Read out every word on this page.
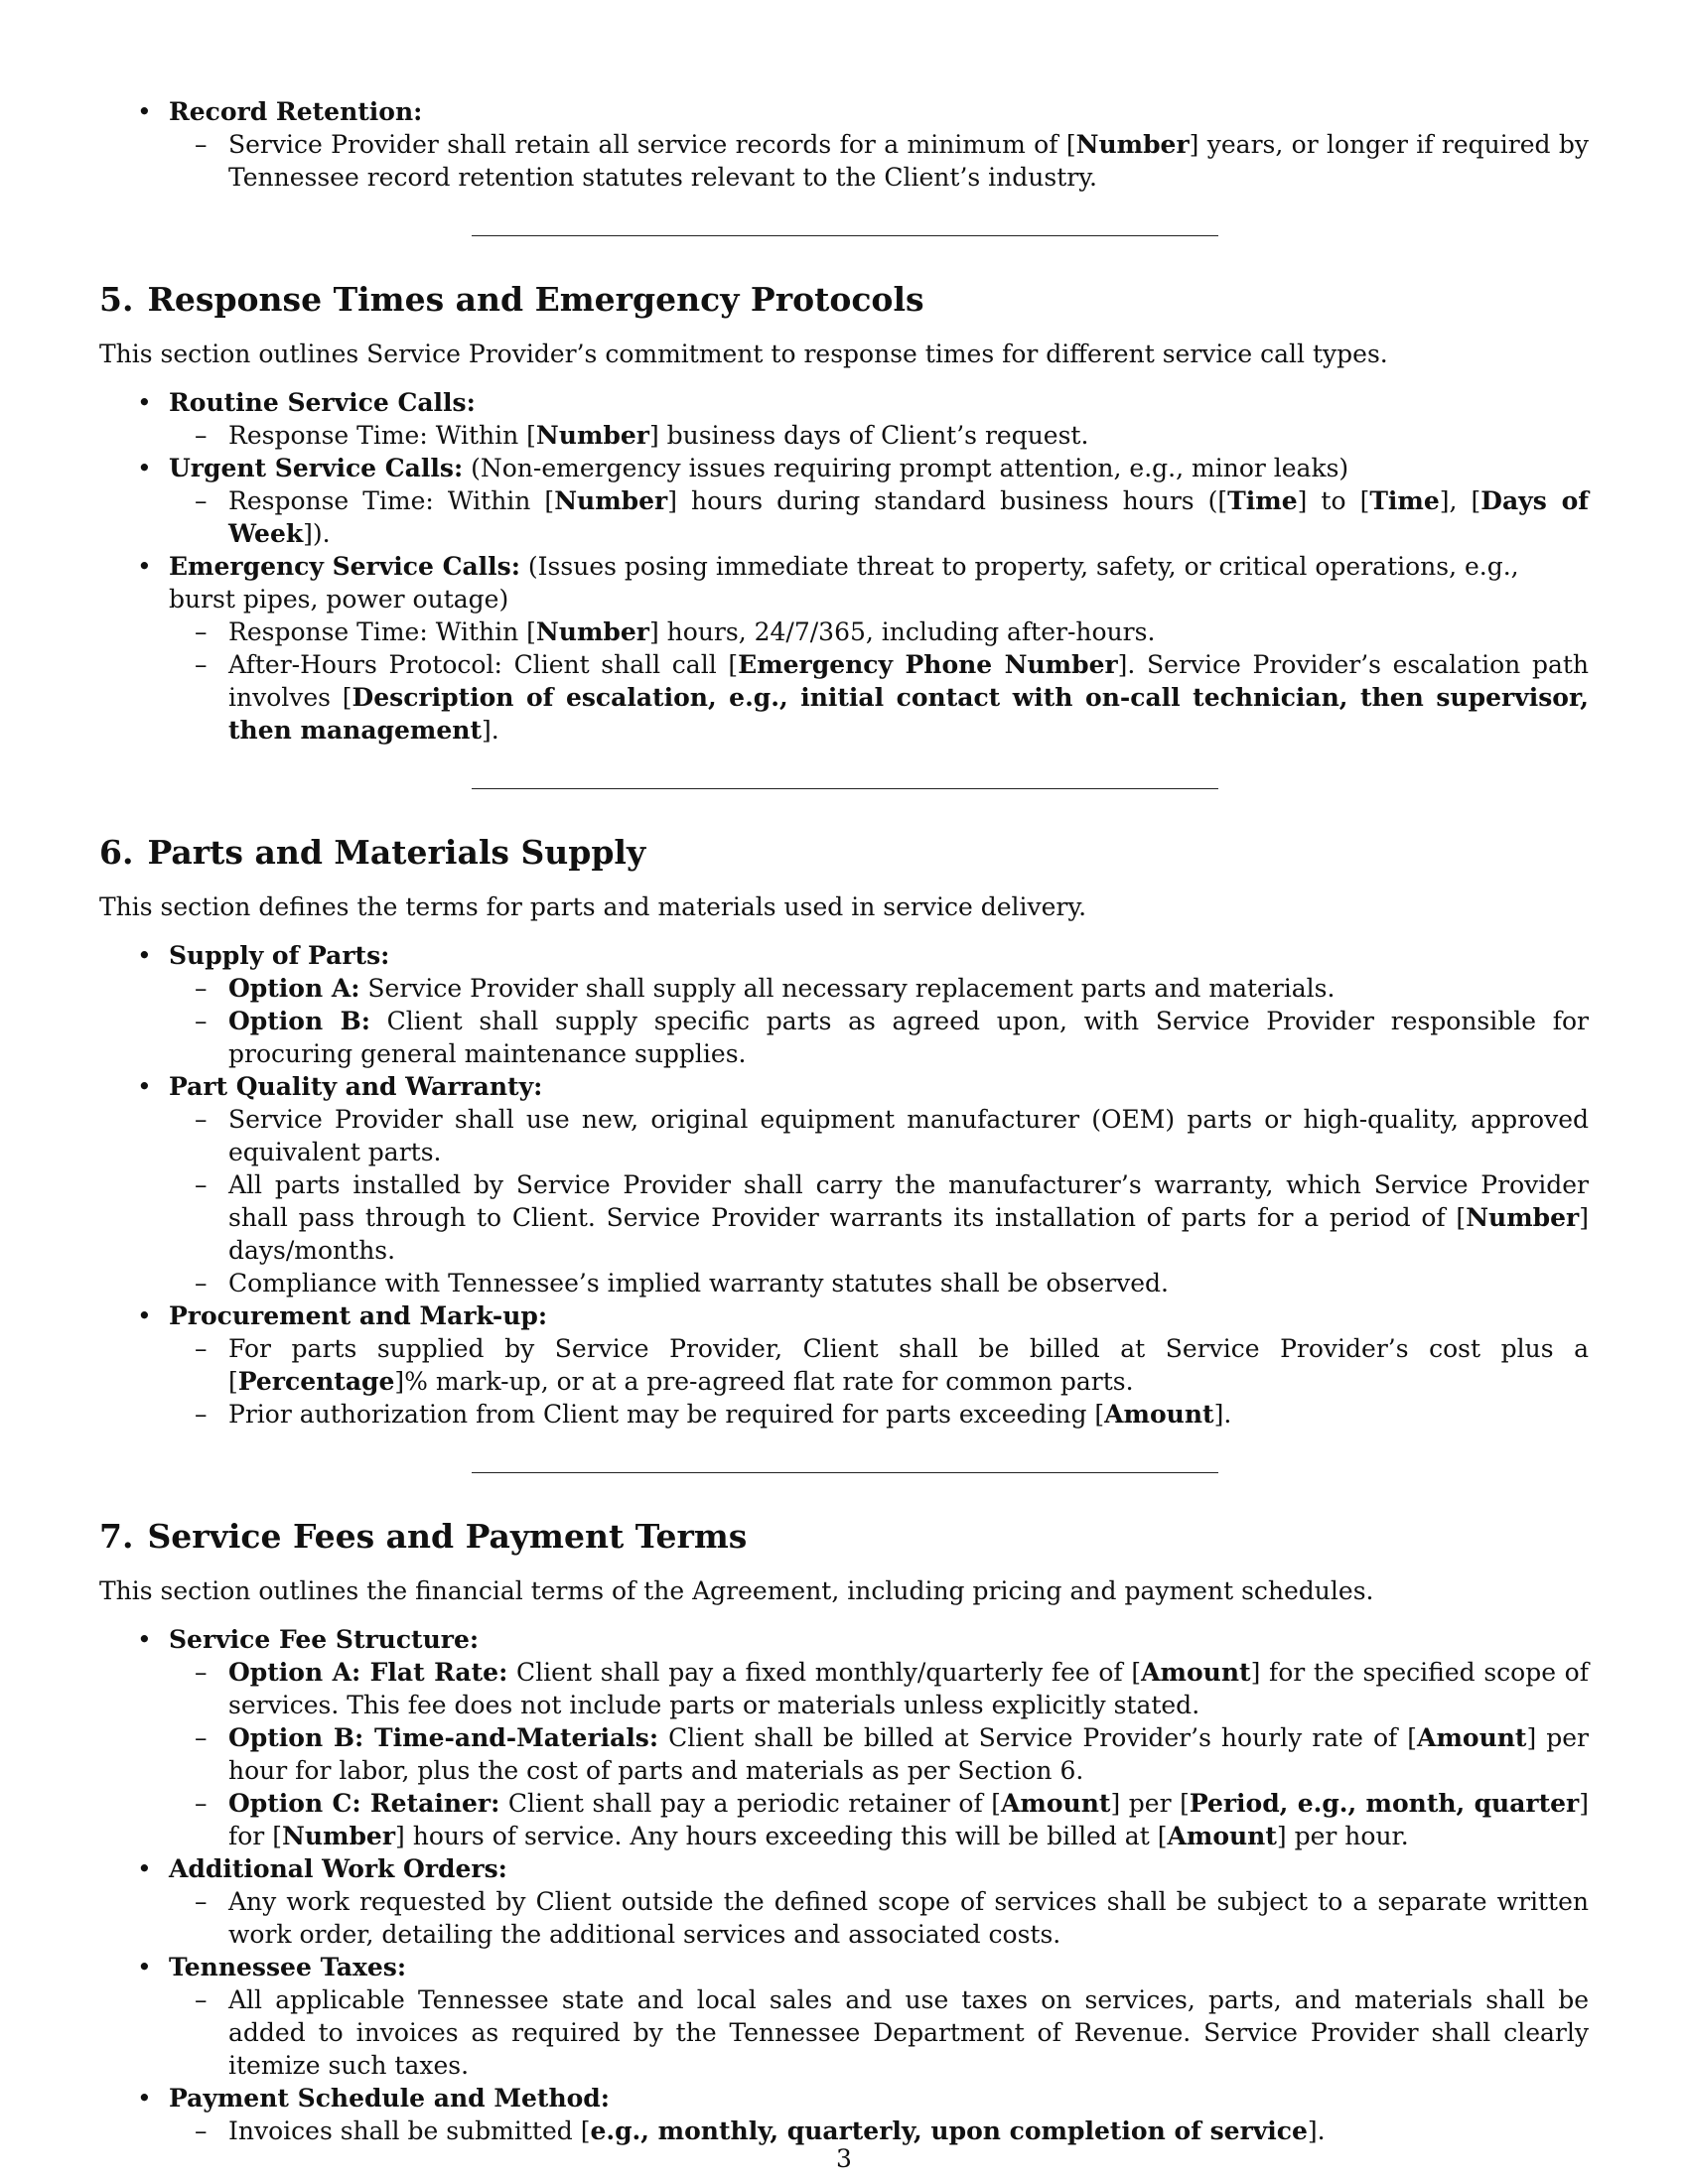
• Record Retention:
– Service Provider shall retain all service records for a minimum of [Number] years, or longer if required by Tennessee record retention statutes relevant to the Client’s industry.
5. Response Times and Emergency Protocols

This section outlines Service Provider’s commitment to response times for different service call types.

• Routine Service Calls:
– Response Time: Within [Number] business days of Client’s request.
• Urgent Service Calls: (Non-emergency issues requiring prompt attention, e.g., minor leaks)
– Response Time: Within [Number] hours during standard business hours ([Time] to [Time], [Days of Week]).
• Emergency Service Calls: (Issues posing immediate threat to property, safety, or critical operations, e.g., burst pipes, power outage)
– Response Time: Within [Number] hours, 24/7/365, including after-hours.
– After-Hours Protocol: Client shall call [Emergency Phone Number]. Service Provider’s escalation path involves [Description of escalation, e.g., initial contact with on-call technician, then supervisor, then management].
6. Parts and Materials Supply

This section defines the terms for parts and materials used in service delivery.

• Supply of Parts:
– Option A: Service Provider shall supply all necessary replacement parts and materials.
– Option B: Client shall supply specific parts as agreed upon, with Service Provider responsible for procuring general maintenance supplies.
• Part Quality and Warranty:
– Service Provider shall use new, original equipment manufacturer (OEM) parts or high-quality, approved equivalent parts.
– All parts installed by Service Provider shall carry the manufacturer’s warranty, which Service Provider shall pass through to Client. Service Provider warrants its installation of parts for a period of [Number] days/months.
– Compliance with Tennessee’s implied warranty statutes shall be observed.
• Procurement and Mark-up:
– For parts supplied by Service Provider, Client shall be billed at Service Provider’s cost plus a [Percentage]% mark-up, or at a pre-agreed flat rate for common parts.
– Prior authorization from Client may be required for parts exceeding [Amount].
7. Service Fees and Payment Terms

This section outlines the financial terms of the Agreement, including pricing and payment schedules.

• Service Fee Structure:
– Option A: Flat Rate: Client shall pay a fixed monthly/quarterly fee of [Amount] for the specified scope of services. This fee does not include parts or materials unless explicitly stated.
– Option B: Time-and-Materials: Client shall be billed at Service Provider’s hourly rate of [Amount] per hour for labor, plus the cost of parts and materials as per Section 6.
– Option C: Retainer: Client shall pay a periodic retainer of [Amount] per [Period, e.g., month, quarter] for [Number] hours of service. Any hours exceeding this will be billed at [Amount] per hour.
• Additional Work Orders:
– Any work requested by Client outside the defined scope of services shall be subject to a separate written work order, detailing the additional services and associated costs.
• Tennessee Taxes:
– All applicable Tennessee state and local sales and use taxes on services, parts, and materials shall be added to invoices as required by the Tennessee Department of Revenue. Service Provider shall clearly itemize such taxes.
• Payment Schedule and Method:
– Invoices shall be submitted [e.g., monthly, quarterly, upon completion of service].
3
